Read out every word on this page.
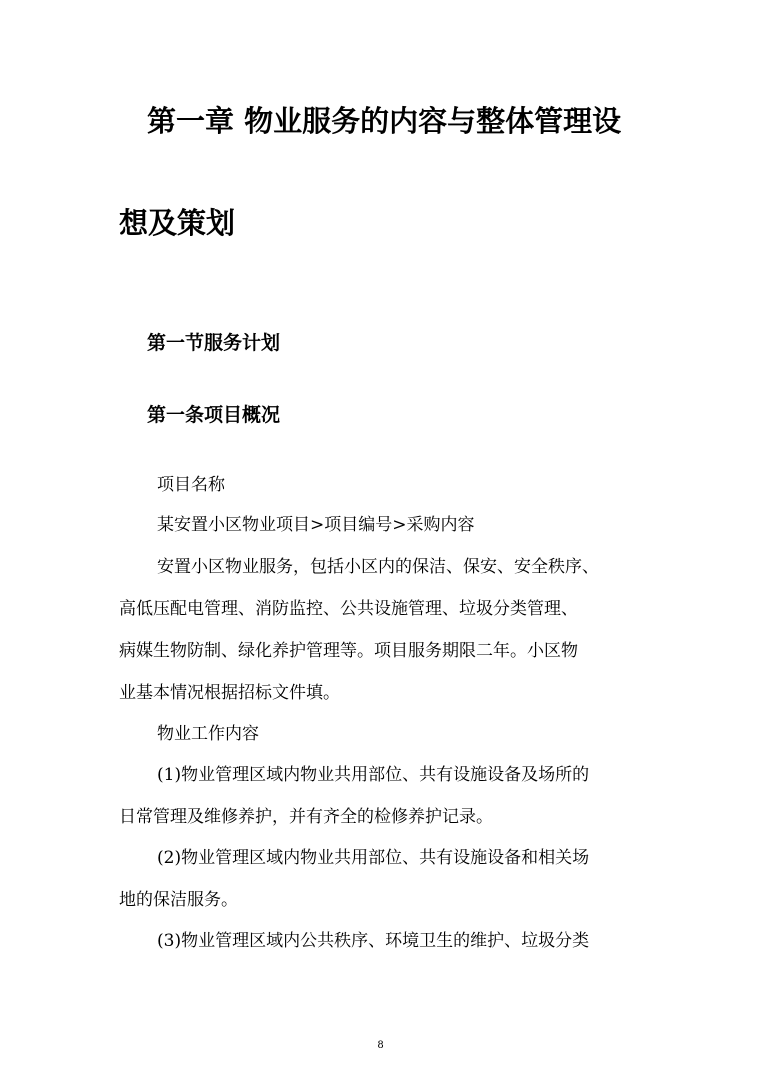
第一章 物业服务的内容与整体管理设
想及策划
第一节服务计划
第一条项目概况

项目名称

某安置小区物业项目>项目编号>采购内容

安置小区物业服务，包括小区内的保洁、保安、安全秩序、

高低压配电管理、消防监控、公共设施管理、垃圾分类管理、

病媒生物防制、绿化养护管理等。项目服务期限二年。小区物

业基本情况根据招标文件填。

物业工作内容

(1)物业管理区域内物业共用部位、共有设施设备及场所的

日常管理及维修养护，并有齐全的检修养护记录。

(2)物业管理区域内物业共用部位、共有设施设备和相关场

地的保洁服务。

(3)物业管理区域内公共秩序、环境卫生的维护、垃圾分类

8
